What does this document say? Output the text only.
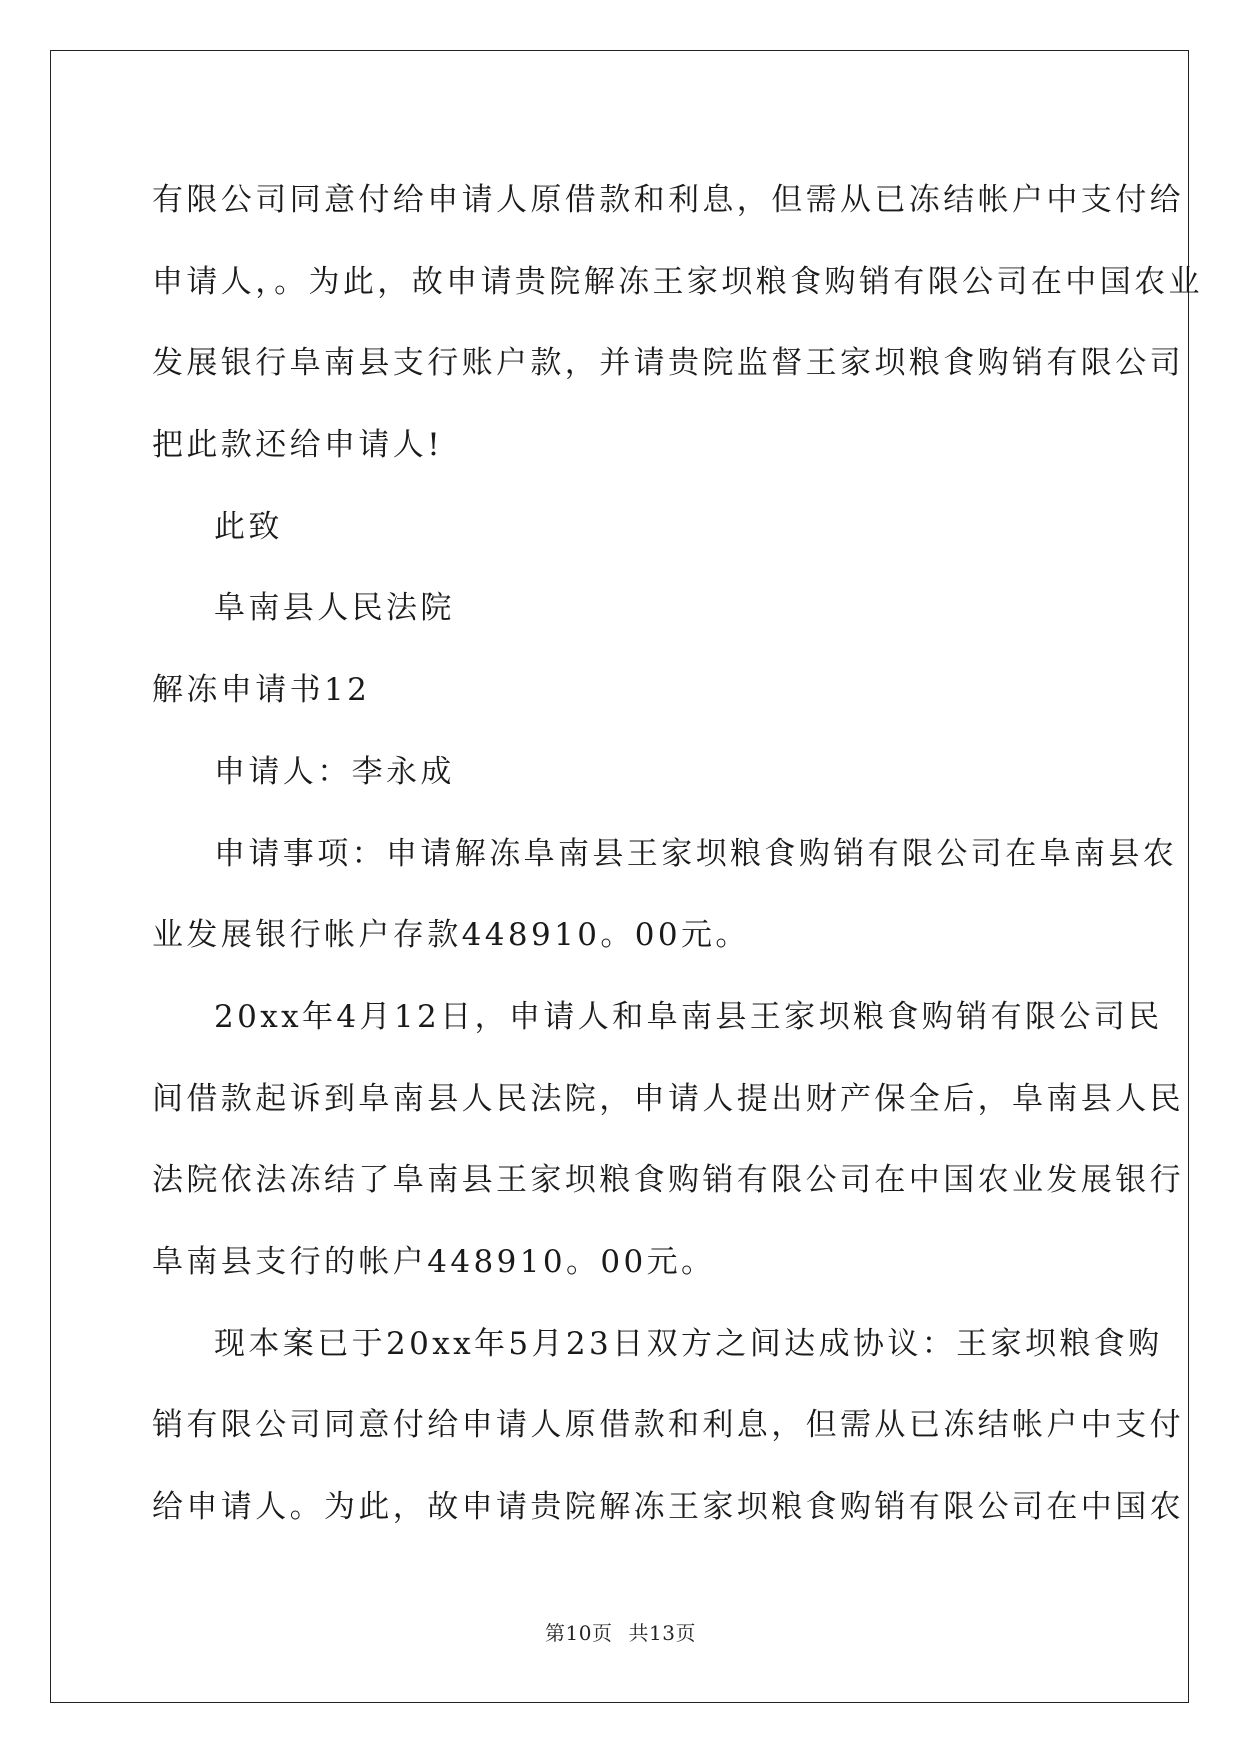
有限公司同意付给申请人原借款和利息，但需从已冻结帐户中支付给
申请人，。为此，故申请贵院解冻王家坝粮食购销有限公司在中国农业
发展银行阜南县支行账户款，并请贵院监督王家坝粮食购销有限公司
把此款还给申请人!
此致
阜南县人民法院
解冻申请书12
申请人：李永成
申请事项：申请解冻阜南县王家坝粮食购销有限公司在阜南县农
业发展银行帐户存款448910。00元。
20xx年4月12日，申请人和阜南县王家坝粮食购销有限公司民
间借款起诉到阜南县人民法院，申请人提出财产保全后，阜南县人民
法院依法冻结了阜南县王家坝粮食购销有限公司在中国农业发展银行
阜南县支行的帐户448910。00元。
现本案已于20xx年5月23日双方之间达成协议：王家坝粮食购
销有限公司同意付给申请人原借款和利息，但需从已冻结帐户中支付
给申请人。为此，故申请贵院解冻王家坝粮食购销有限公司在中国农
第10页 共13页
